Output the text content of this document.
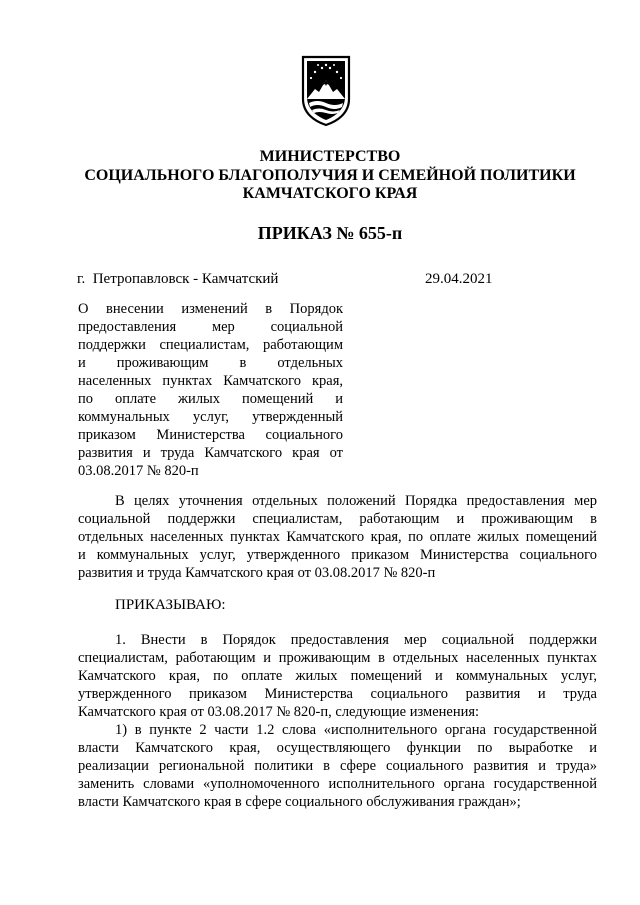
МИНИСТЕРСТВО
СОЦИАЛЬНОГО БЛАГОПОЛУЧИЯ И СЕМЕЙНОЙ ПОЛИТИКИ
КАМЧАТСКОГО КРАЯ
ПРИКАЗ № 655-п
г.  Петропавловск - Камчатский	29.04.2021
О внесении изменений в Порядок
предоставления мер социальной
поддержки специалистам, работающим
и проживающим в отдельных
населенных пунктах Камчатского края,
по оплате жилых помещений и
коммунальных услуг, утвержденный
приказом Министерства социального
развития и труда Камчатского края от
03.08.2017 № 820-п
В целях уточнения отдельных положений Порядка предоставления мер
социальной поддержки специалистам, работающим и проживающим в
отдельных населенных пунктах Камчатского края, по оплате жилых помещений
и коммунальных услуг, утвержденного приказом Министерства социального
развития и труда Камчатского края от 03.08.2017 № 820-п
ПРИКАЗЫВАЮ:
1. Внести в Порядок предоставления мер социальной поддержки
специалистам, работающим и проживающим в отдельных населенных пунктах
Камчатского края, по оплате жилых помещений и коммунальных услуг,
утвержденного приказом Министерства социального развития и труда
Камчатского края от 03.08.2017 № 820-п, следующие изменения:
1) в пункте 2 части 1.2 слова «исполнительного органа государственной
власти Камчатского края, осуществляющего функции по выработке и
реализации региональной политики в сфере социального развития и труда»
заменить словами «уполномоченного исполнительного органа государственной
власти Камчатского края в сфере социального обслуживания граждан»;
